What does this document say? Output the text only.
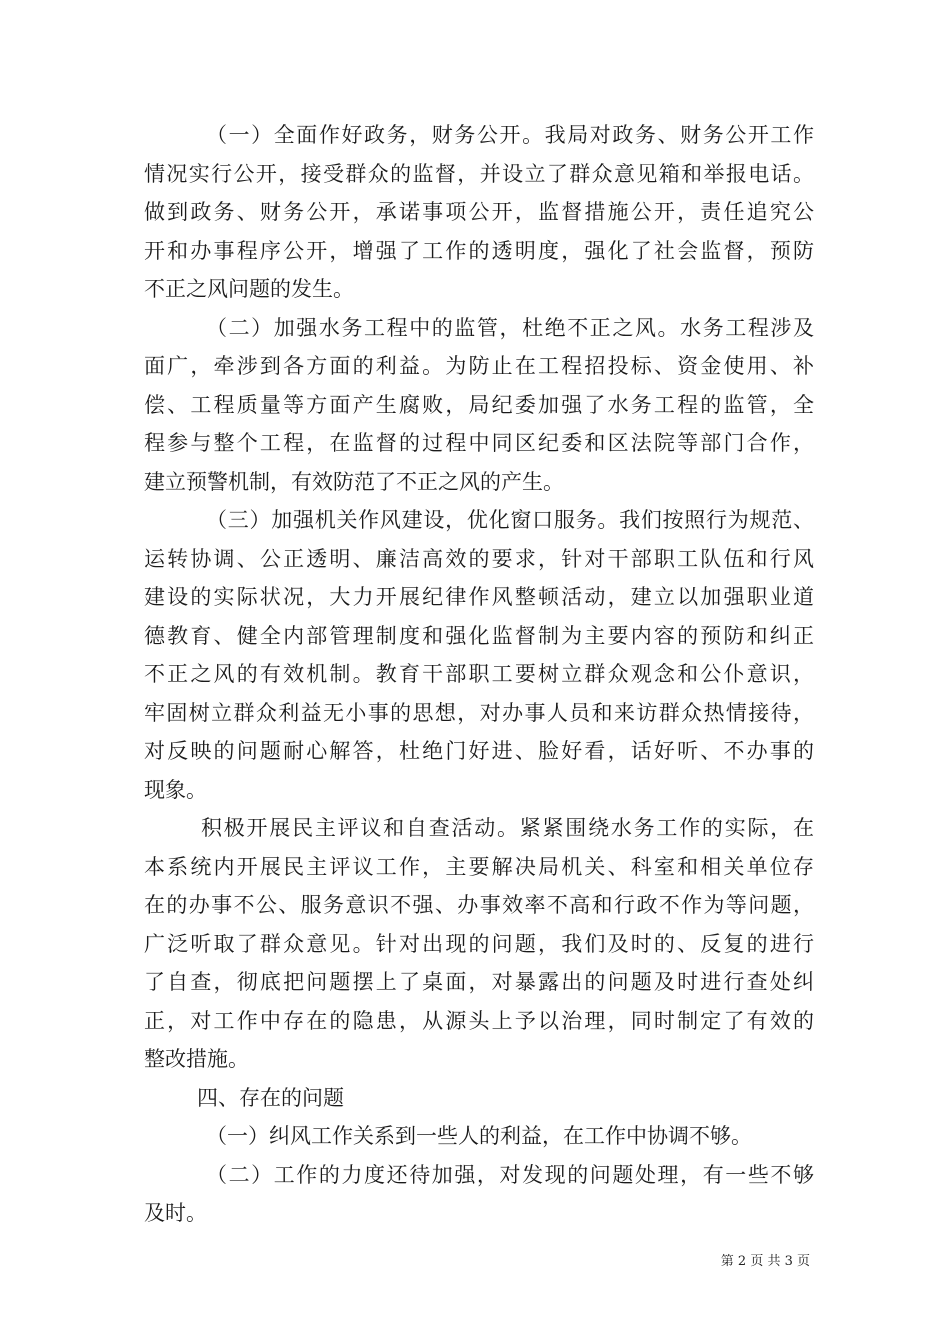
（一）全面作好政务，财务公开。我局对政务、财务公开工作
情况实行公开，接受群众的监督，并设立了群众意见箱和举报电话。
做到政务、财务公开，承诺事项公开，监督措施公开，责任追究公
开和办事程序公开，增强了工作的透明度，强化了社会监督，预防
不正之风问题的发生。
（二）加强水务工程中的监管，杜绝不正之风。水务工程涉及
面广，牵涉到各方面的利益。为防止在工程招投标、资金使用、补
偿、工程质量等方面产生腐败，局纪委加强了水务工程的监管，全
程参与整个工程，在监督的过程中同区纪委和区法院等部门合作，
建立预警机制，有效防范了不正之风的产生。
（三）加强机关作风建设，优化窗口服务。我们按照行为规范、
运转协调、公正透明、廉洁高效的要求，针对干部职工队伍和行风
建设的实际状况，大力开展纪律作风整顿活动，建立以加强职业道
德教育、健全内部管理制度和强化监督制为主要内容的预防和纠正
不正之风的有效机制。教育干部职工要树立群众观念和公仆意识，
牢固树立群众利益无小事的思想，对办事人员和来访群众热情接待，
对反映的问题耐心解答，杜绝门好进、脸好看，话好听、不办事的
现象。
积极开展民主评议和自查活动。紧紧围绕水务工作的实际，在
本系统内开展民主评议工作，主要解决局机关、科室和相关单位存
在的办事不公、服务意识不强、办事效率不高和行政不作为等问题，
广泛听取了群众意见。针对出现的问题，我们及时的、反复的进行
了自查，彻底把问题摆上了桌面，对暴露出的问题及时进行查处纠
正，对工作中存在的隐患，从源头上予以治理，同时制定了有效的
整改措施。
四、存在的问题
（一）纠风工作关系到一些人的利益，在工作中协调不够。
（二）工作的力度还待加强，对发现的问题处理，有一些不够
及时。
第 2 页 共 3 页
